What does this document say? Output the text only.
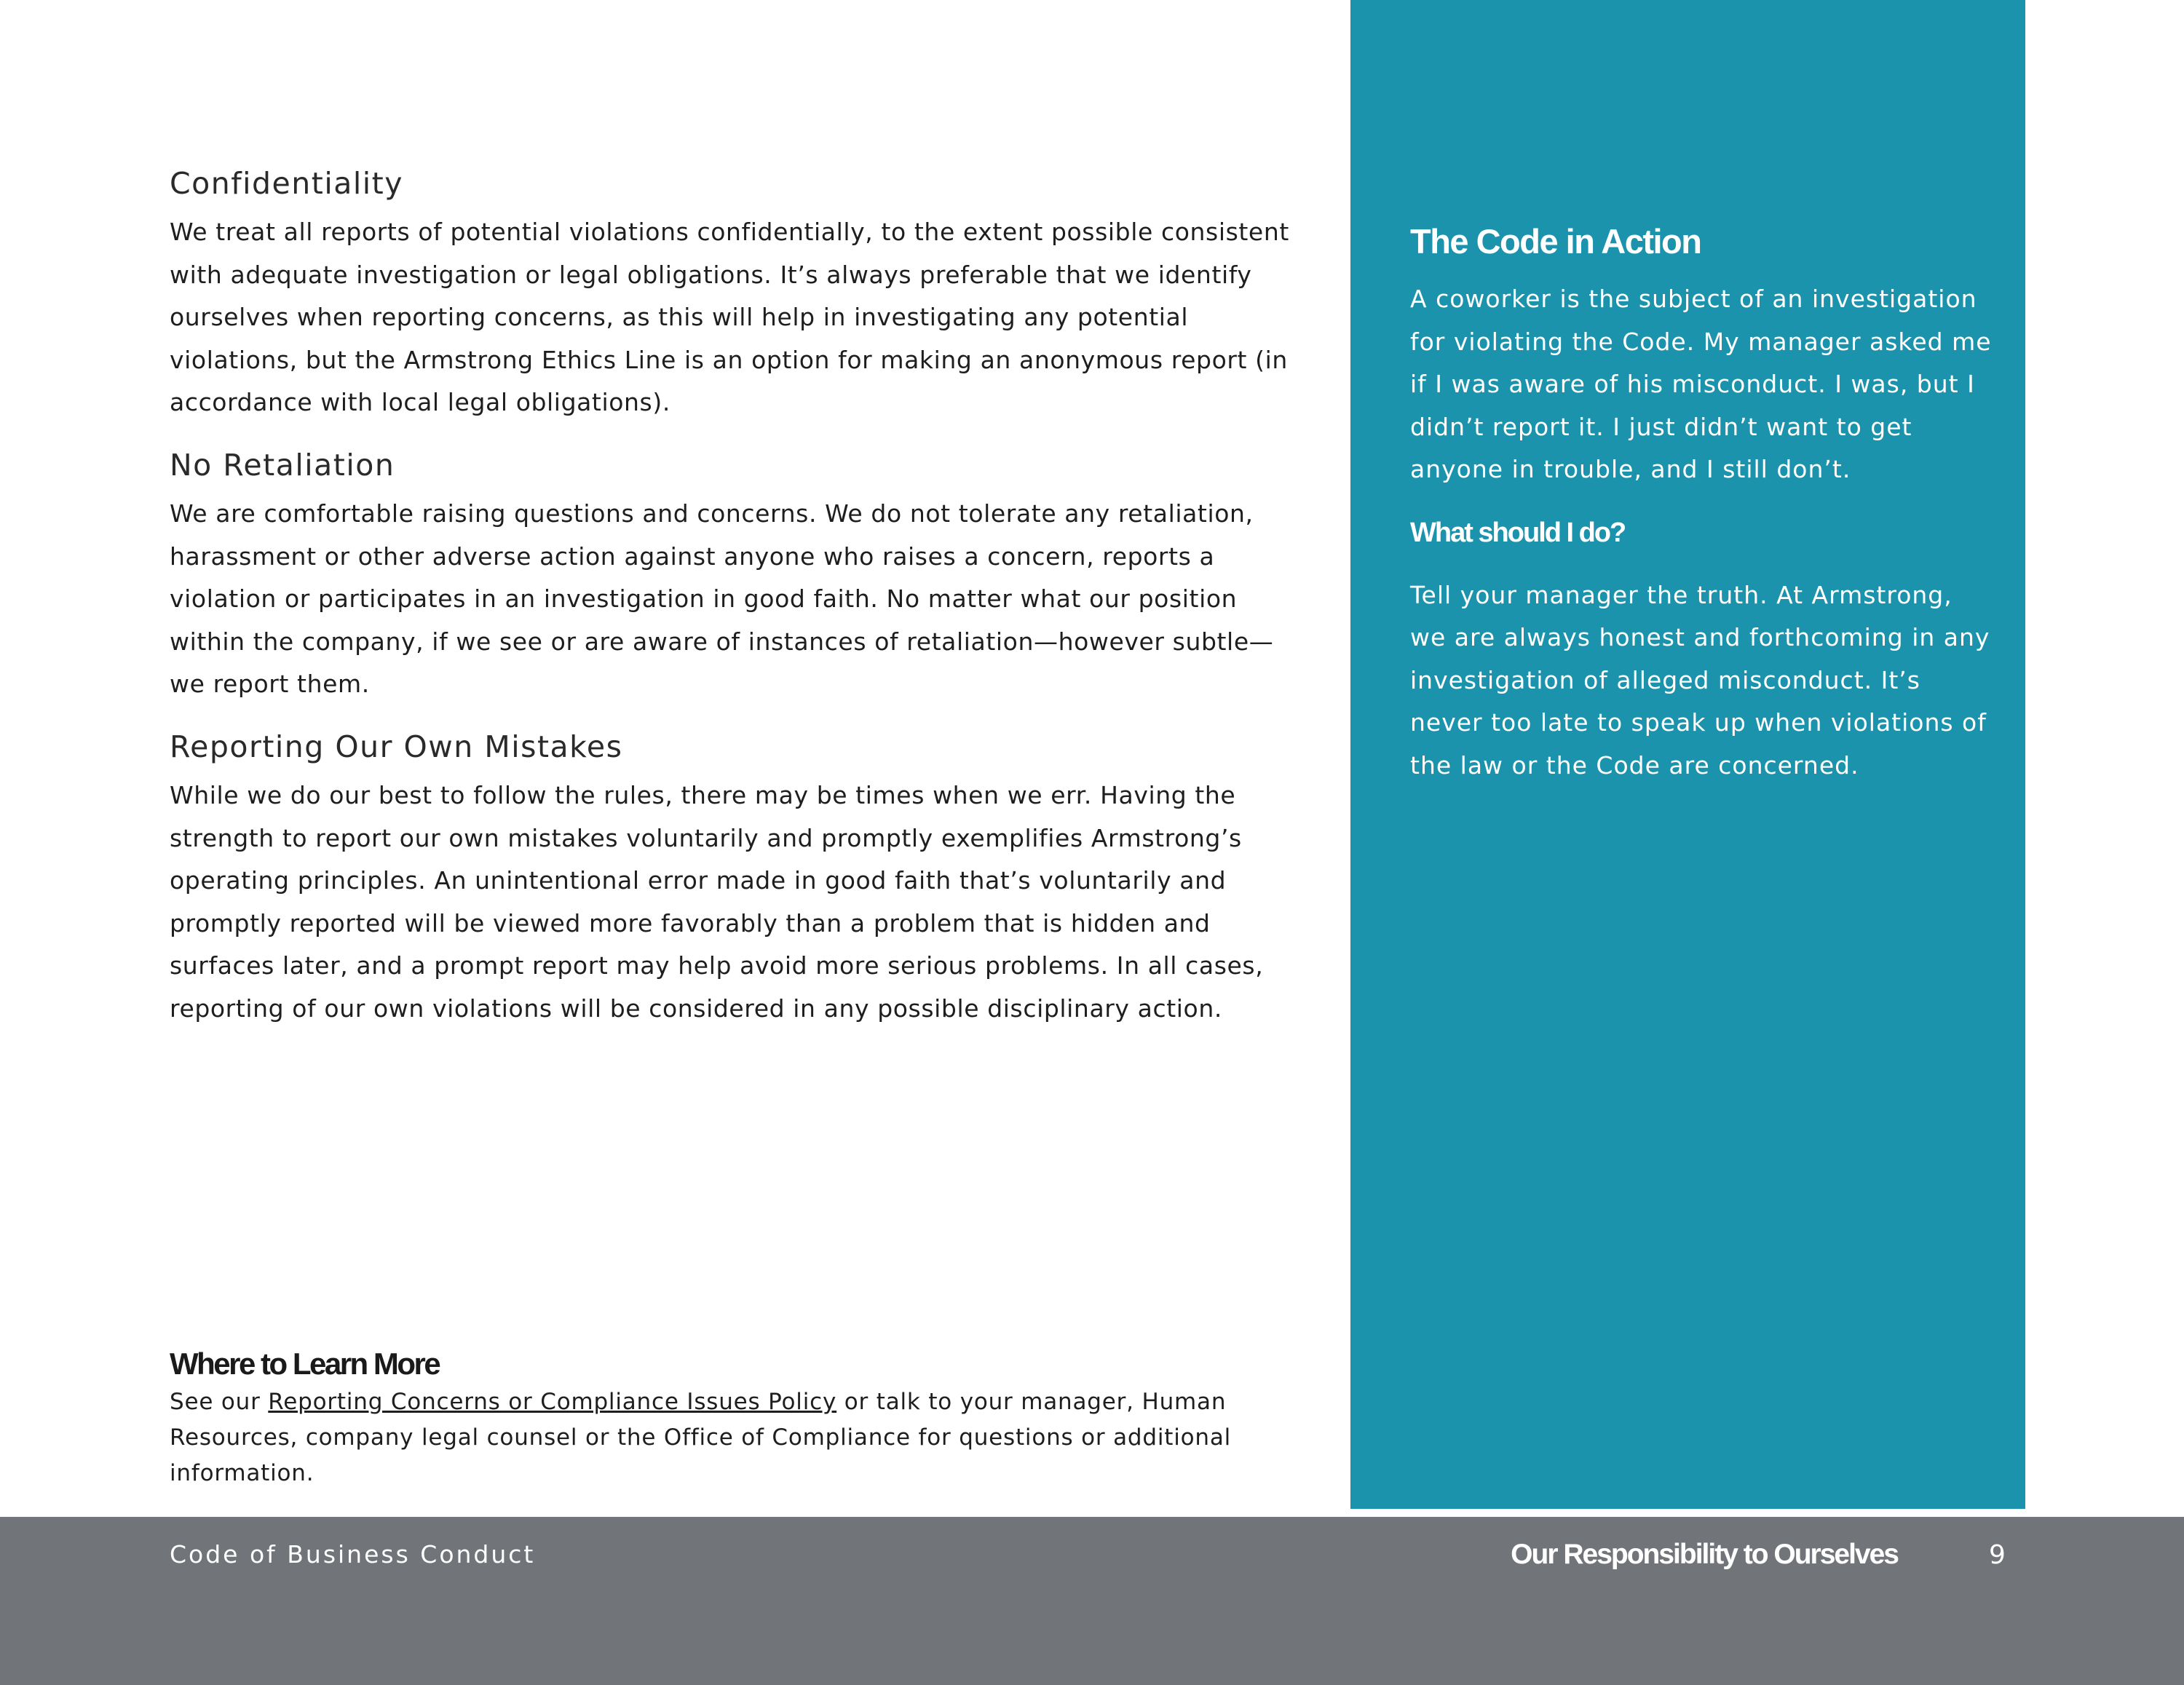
Confidentiality

We treat all reports of potential violations confidentially, to the extent possible consistent with adequate investigation or legal obligations. It’s always preferable that we identify ourselves when reporting concerns, as this will help in investigating any potential violations, but the Armstrong Ethics Line is an option for making an anonymous report (in accordance with local legal obligations).

No Retaliation

We are comfortable raising questions and concerns. We do not tolerate any retaliation, harassment or other adverse action against anyone who raises a concern, reports a violation or participates in an investigation in good faith. No matter what our position within the company, if we see or are aware of instances of retaliation—however subtle—we report them.

Reporting Our Own Mistakes

While we do our best to follow the rules, there may be times when we err. Having the strength to report our own mistakes voluntarily and promptly exemplifies Armstrong’s operating principles. An unintentional error made in good faith that’s voluntarily and promptly reported will be viewed more favorably than a problem that is hidden and surfaces later, and a prompt report may help avoid more serious problems. In all cases, reporting of our own violations will be considered in any possible disciplinary action.

Where to Learn More

See our Reporting Concerns or Compliance Issues Policy or talk to your manager, Human Resources, company legal counsel or the Office of Compliance for questions or additional information.

The Code in Action

A coworker is the subject of an investigation for violating the Code. My manager asked me if I was aware of his misconduct. I was, but I didn’t report it. I just didn’t want to get anyone in trouble, and I still don’t.

What should I do?

Tell your manager the truth. At Armstrong, we are always honest and forthcoming in any investigation of alleged misconduct. It’s never too late to speak up when violations of the law or the Code are concerned.

Code of Business Conduct	Our Responsibility to Ourselves	9
